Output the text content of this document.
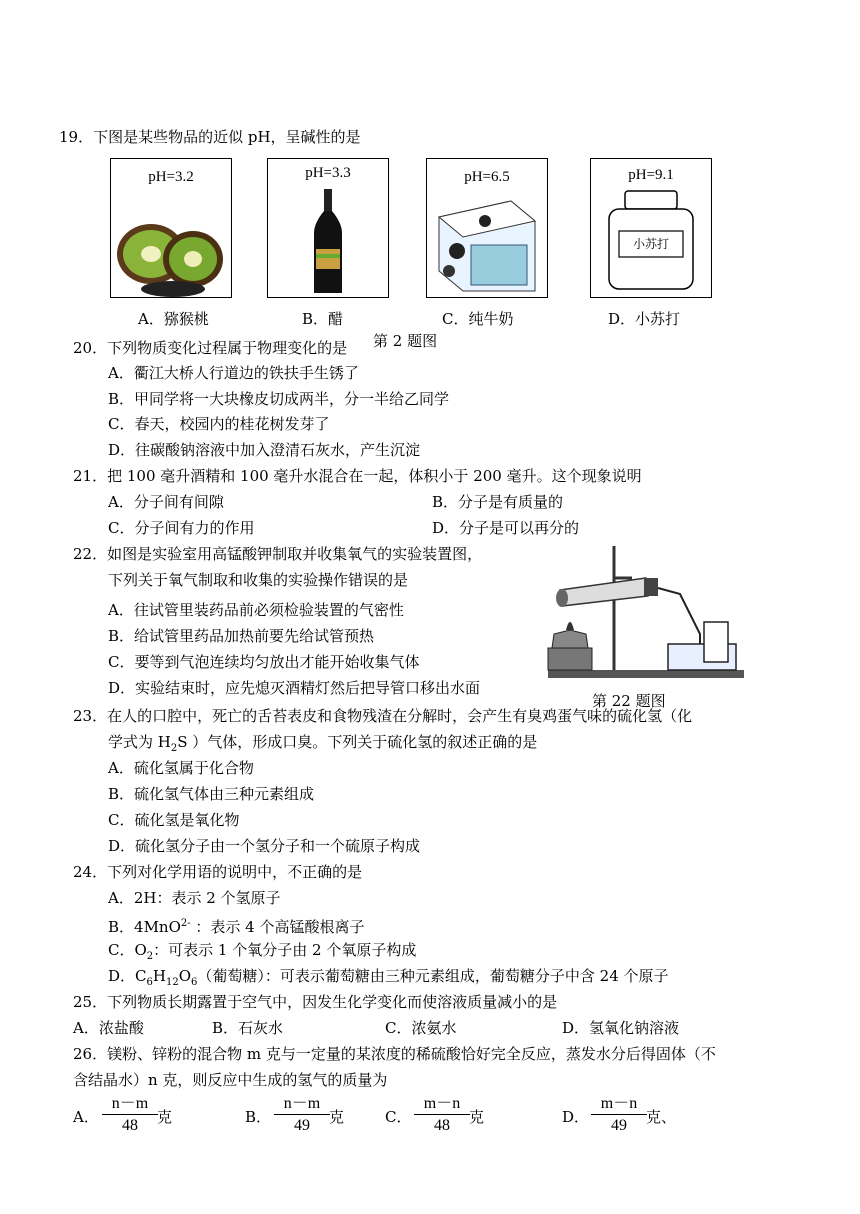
19．下图是某些物品的近似 pH，呈碱性的是
pH=3.2	pH=3.3	pH=6.5	pH=9.1
小苏打
A．猕猴桃	B．醋	C．纯牛奶	D．小苏打
第 2 题图
20．下列物质变化过程属于物理变化的是
A．衢江大桥人行道边的铁扶手生锈了
B．甲同学将一大块橡皮切成两半，分一半给乙同学
C．春天，校园内的桂花树发芽了
D．往碳酸钠溶液中加入澄清石灰水，产生沉淀
21．把 100 毫升酒精和 100 毫升水混合在一起，体积小于 200 毫升。这个现象说明
A．分子间有间隙	B．分子是有质量的
C．分子间有力的作用	D．分子是可以再分的
22．如图是实验室用高锰酸钾制取并收集氧气的实验装置图，
下列关于氧气制取和收集的实验操作错误的是
A．往试管里装药品前必须检验装置的气密性
B．给试管里药品加热前要先给试管预热
C．要等到气泡连续均匀放出才能开始收集气体
D．实验结束时，应先熄灭酒精灯然后把导管口移出水面
第 22 题图
23．在人的口腔中，死亡的舌苔表皮和食物残渣在分解时，会产生有臭鸡蛋气味的硫化氢（化
学式为 $H_2S$ ）气体，形成口臭。下列关于硫化氢的叙述正确的是
A．硫化氢属于化合物
B．硫化氢气体由三种元素组成
C．硫化氢是氧化物
D．硫化氢分子由一个氢分子和一个硫原子构成
24．下列对化学用语的说明中，不正确的是
A．2H：表示 2 个氢原子
B．4MnO$^{2-}$ ：表示 4 个高锰酸根离子
C．$O_2$：可表示 1 个氧分子由 2 个氧原子构成
D．$C_6H_{12}O_6$（葡萄糖）：可表示葡萄糖由三种元素组成，葡萄糖分子中含 24 个原子
25．下列物质长期露置于空气中，因发生化学变化而使溶液质量减小的是
A．浓盐酸	B．石灰水	C．浓氨水	D．氢氧化钠溶液
26．镁粉、锌粉的混合物 m 克与一定量的某浓度的稀硫酸恰好完全反应，蒸发水分后得固体（不
含结晶水）n 克，则反应中生成的氢气的质量为
A． $\frac{n-m}{48}$ 克	B． $\frac{n-m}{49}$ 克	C． $\frac{m-n}{48}$ 克	D． $\frac{m-n}{49}$ 克、
